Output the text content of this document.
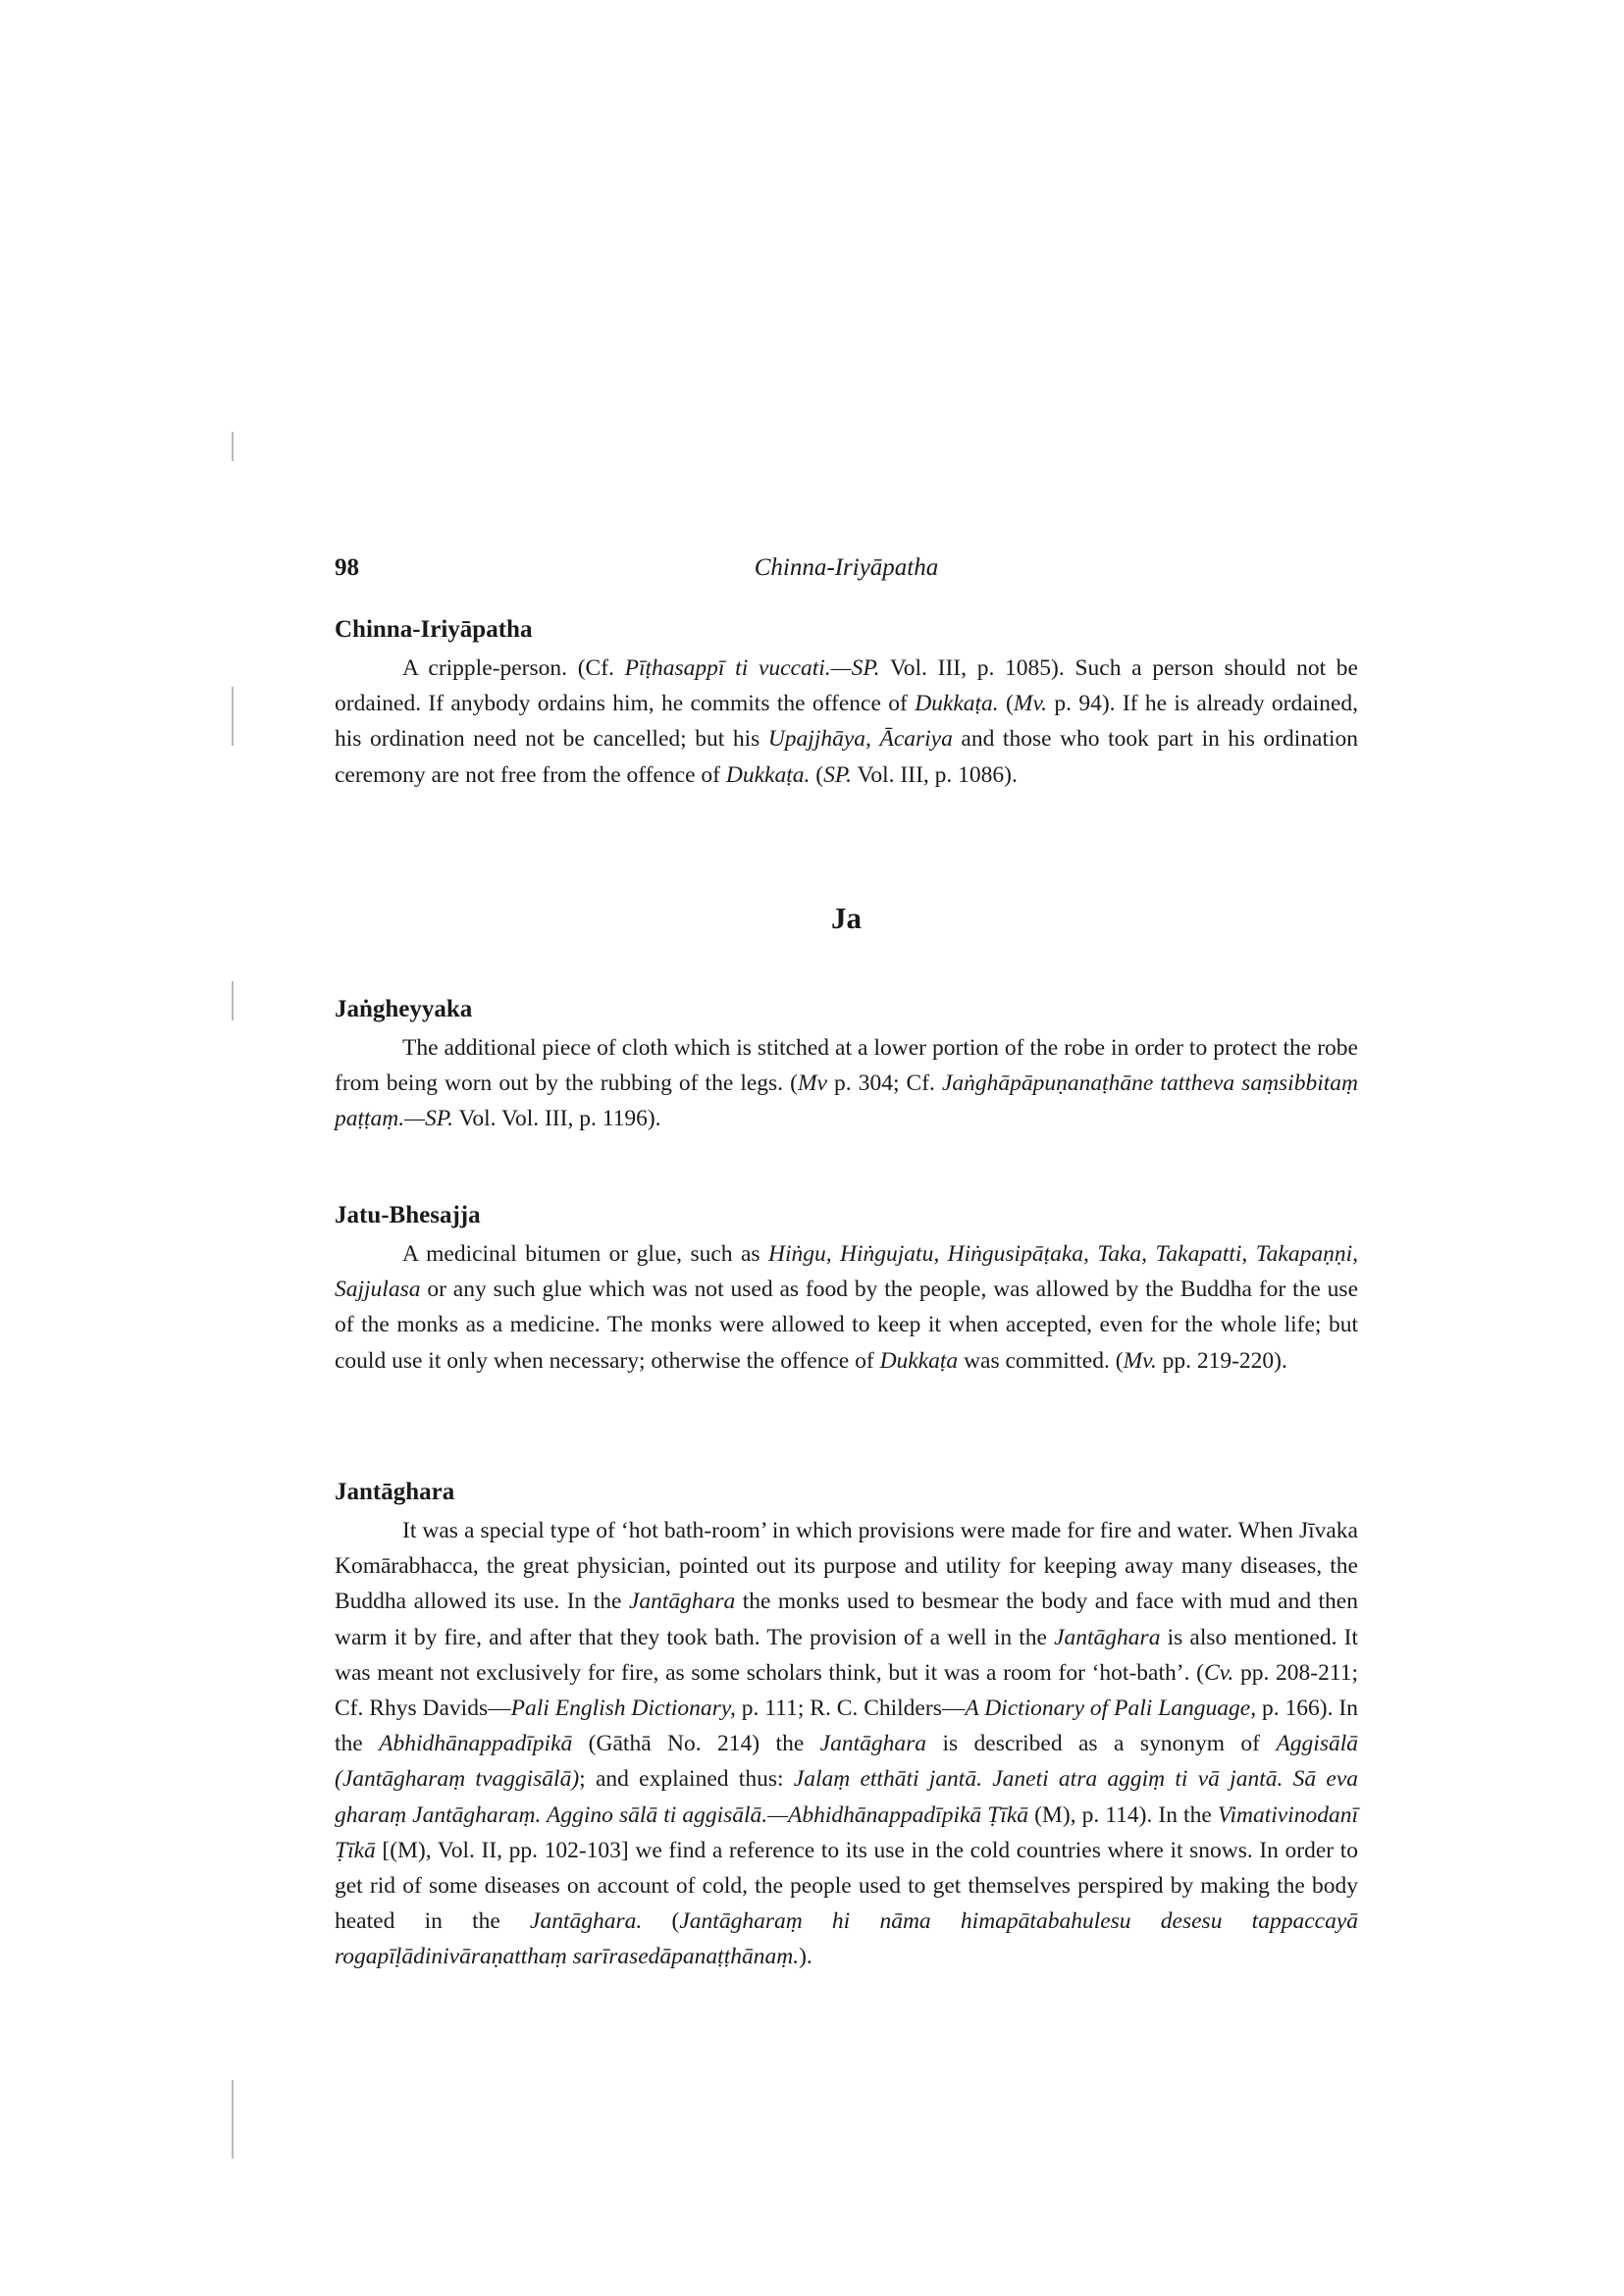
98	Chinna-Iriyāpatha
Chinna-Iriyāpatha

A cripple-person. (Cf. Pīṭhasappī ti vuccati.—SP. Vol. III, p. 1085). Such a person should not be ordained. If anybody ordains him, he commits the offence of Dukkaṭa. (Mv. p. 94). If he is already ordained, his ordination need not be cancelled; but his Upajjhāya, Ācariya and those who took part in his ordination ceremony are not free from the offence of Dukkaṭa. (SP. Vol. III, p. 1086).

Ja
Jaṅgheyyaka

The additional piece of cloth which is stitched at a lower portion of the robe in order to protect the robe from being worn out by the rubbing of the legs. (Mv p. 304; Cf. Jaṅghāpāpuṇanaṭhāne tattheva saṃsibbitaṃ paṭṭaṃ.—SP. Vol. Vol. III, p. 1196).

Jatu-Bhesajja

A medicinal bitumen or glue, such as Hiṅgu, Hiṅgujatu, Hiṅgusipāṭaka, Taka, Takapatti, Takapaṇṇi, Sajjulasa or any such glue which was not used as food by the people, was allowed by the Buddha for the use of the monks as a medicine. The monks were allowed to keep it when accepted, even for the whole life; but could use it only when necessary; otherwise the offence of Dukkaṭa was committed. (Mv. pp. 219-220).

Jantāghara

It was a special type of ‘hot bath-room’ in which provisions were made for fire and water. When Jīvaka Komārabhacca, the great physician, pointed out its purpose and utility for keeping away many diseases, the Buddha allowed its use. In the Jantāghara the monks used to besmear the body and face with mud and then warm it by fire, and after that they took bath. The provision of a well in the Jantāghara is also mentioned. It was meant not exclusively for fire, as some scholars think, but it was a room for ‘hot-bath’. (Cv. pp. 208-211; Cf. Rhys Davids—Pali English Dictionary, p. 111; R. C. Childers—A Dictionary of Pali Language, p. 166). In the Abhidhānappadīpikā (Gāthā No. 214) the Jantāghara is described as a synonym of Aggisālā (Jantāgharaṃ tvaggisālā); and explained thus: Jalaṃ etthāti jantā. Janeti atra aggiṃ ti vā jantā. Sā eva gharaṃ Jantāgharaṃ. Aggino sālā ti aggisālā.—Abhidhānappadīpikā Ṭīkā (M), p. 114). In the Vimativinodanī Ṭīkā [(M), Vol. II, pp. 102-103] we find a reference to its use in the cold countries where it snows. In order to get rid of some diseases on account of cold, the people used to get themselves perspired by making the body heated in the Jantāghara. (Jantāgharaṃ hi nāma himapātabahulesu desesu tappaccayā rogapīḷādinivāraṇatthaṃ sarīrasedāpanaṭṭhānaṃ.).
